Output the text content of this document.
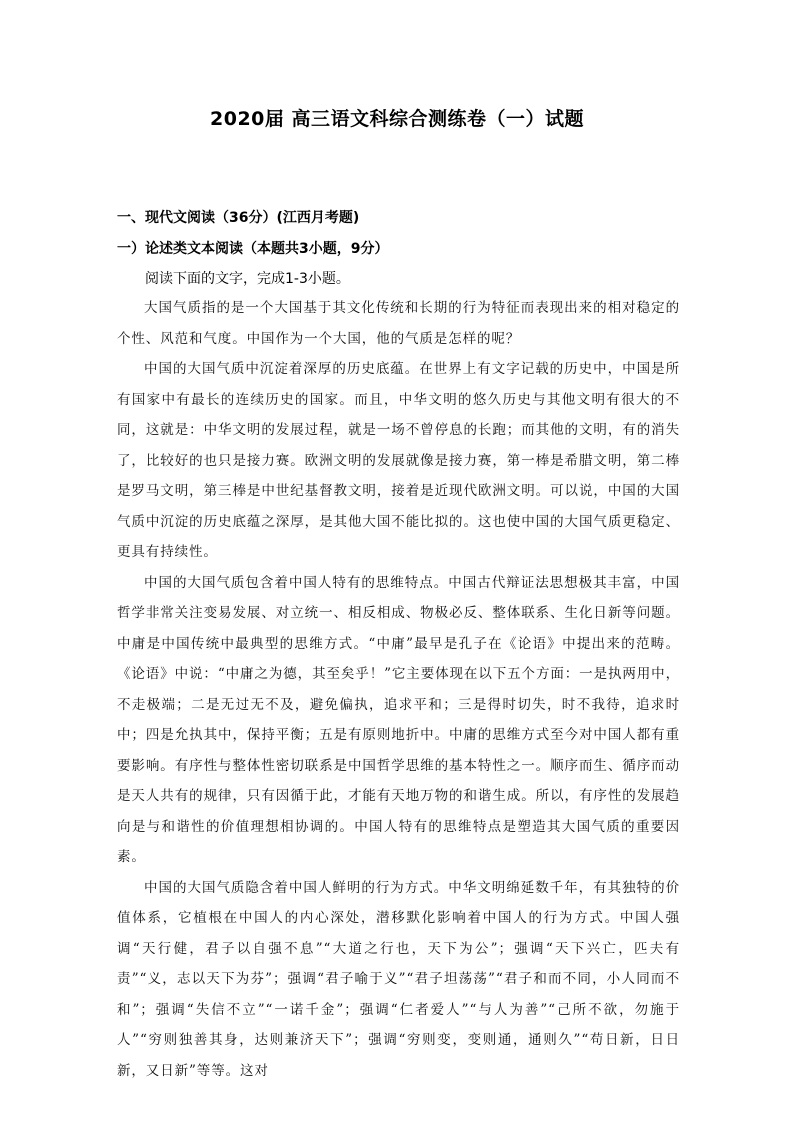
2020届 高三语文科综合测练卷（一）试题
一、现代文阅读（36分）(江西月考题)
一）论述类文本阅读（本题共3小题，9分）
阅读下面的文字，完成1-3小题。

大国气质指的是一个大国基于其文化传统和长期的行为特征而表现出来的相对稳定的个性、风范和气度。中国作为一个大国，他的气质是怎样的呢？

中国的大国气质中沉淀着深厚的历史底蕴。在世界上有文字记载的历史中，中国是所有国家中有最长的连续历史的国家。而且，中华文明的悠久历史与其他文明有很大的不同，这就是：中华文明的发展过程，就是一场不曾停息的长跑；而其他的文明，有的消失了，比较好的也只是接力赛。欧洲文明的发展就像是接力赛，第一棒是希腊文明，第二棒是罗马文明，第三棒是中世纪基督教文明，接着是近现代欧洲文明。可以说，中国的大国气质中沉淀的历史底蕴之深厚，是其他大国不能比拟的。这也使中国的大国气质更稳定、更具有持续性。

中国的大国气质包含着中国人特有的思维特点。中国古代辩证法思想极其丰富，中国哲学非常关注变易发展、对立统一、相反相成、物极必反、整体联系、生化日新等问题。中庸是中国传统中最典型的思维方式。“中庸”最早是孔子在《论语》中提出来的范畴。《论语》中说：“中庸之为德，其至矣乎！”它主要体现在以下五个方面：一是执两用中，不走极端；二是无过无不及，避免偏执，追求平和；三是得时切失，时不我待，追求时中；四是允执其中，保持平衡；五是有原则地折中。中庸的思维方式至今对中国人都有重要影响。有序性与整体性密切联系是中国哲学思维的基本特性之一。顺序而生、循序而动是天人共有的规律，只有因循于此，才能有天地万物的和谐生成。所以，有序性的发展趋向是与和谐性的价值理想相协调的。中国人特有的思维特点是塑造其大国气质的重要因素。

中国的大国气质隐含着中国人鲜明的行为方式。中华文明绵延数千年，有其独特的价值体系，它植根在中国人的内心深处，潜移默化影响着中国人的行为方式。中国人强调“天行健，君子以自强不息”“大道之行也，天下为公”；强调“天下兴亡，匹夫有责”“义，志以天下为芬”；强调“君子喻于义”“君子坦荡荡”“君子和而不同，小人同而不和”；强调“失信不立”“一诺千金”；强调“仁者爱人”“与人为善”“己所不欲，勿施于人”“穷则独善其身，达则兼济天下”；强调“穷则变，变则通，通则久”“苟日新，日日新，又日新”等等。这对
